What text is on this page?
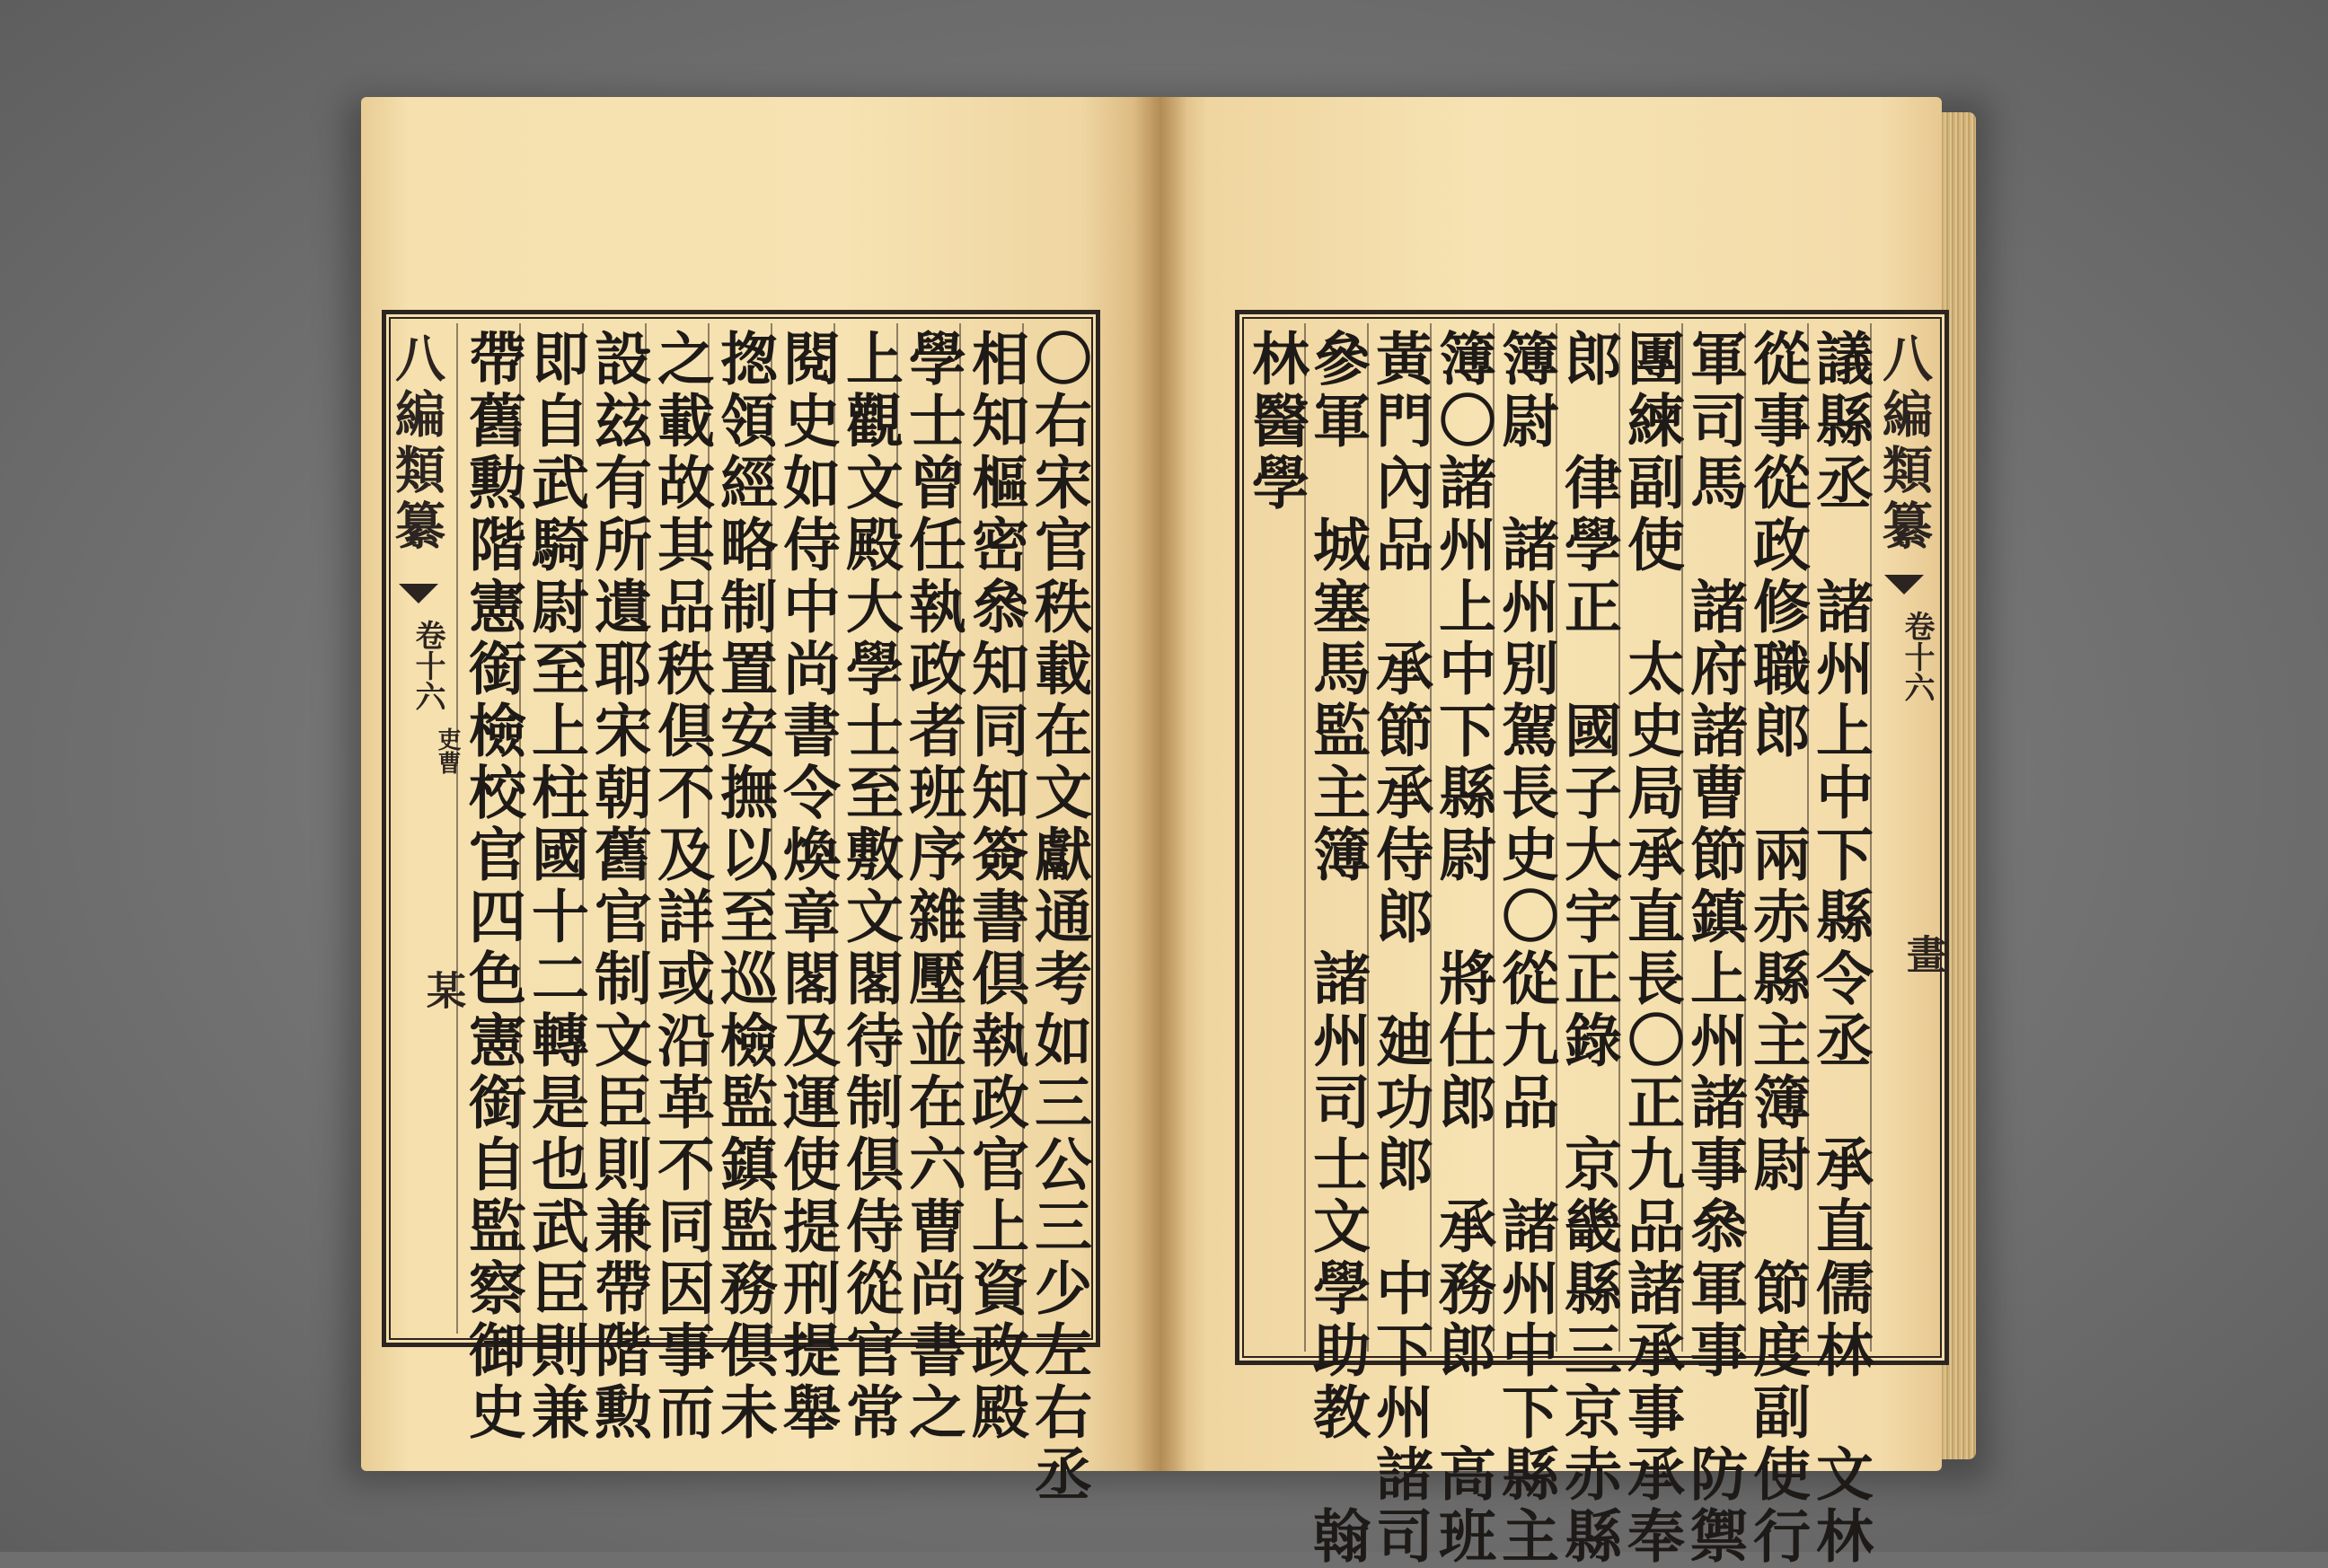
八編類纂
卷十六
吏曹
某	〇右宋官秩載在文獻通考如三公三少左右丞
相知樞密叅知同知簽書倶執政官上資政殿
學士曾任執政者班序雜壓並在六曹尚書之
上觀文殿大學士至敷文閣待制倶侍從官常
閱史如侍中尚書令煥章閣及運使提刑提舉
揔領經略制置安撫以至巡檢監鎮監務倶未
之載故其品秩倶不及詳或沿革不同因事而
設玆有所遺耶宋朝舊官制文臣則兼帶階勲
即自武騎尉至上柱國十二轉是也武臣則兼
帶舊勲階憲銜檢校官四色憲銜自監察御史	議縣丞　諸州上中下縣令丞　承直儒林　文林
從事從政修職郎　兩赤縣主簿尉　節度副使行
軍司馬　諸府諸曹節鎮上州諸事叅軍事　防禦
團練副使　太史局承直長〇正九品諸承事承奉
郎　律學正　國子大宇正錄　京畿縣三京赤縣
簿尉　諸州別駕長史〇從九品　諸州中下縣主
簿〇諸州上中下縣尉　將仕郎　承務郎　高班
黃門內品　承節承侍郎　廸功郎　中下州諸司
參軍　城塞馬監主簿　諸州司士文學助教　翰
林醫學	八編類纂
卷十六
畫
